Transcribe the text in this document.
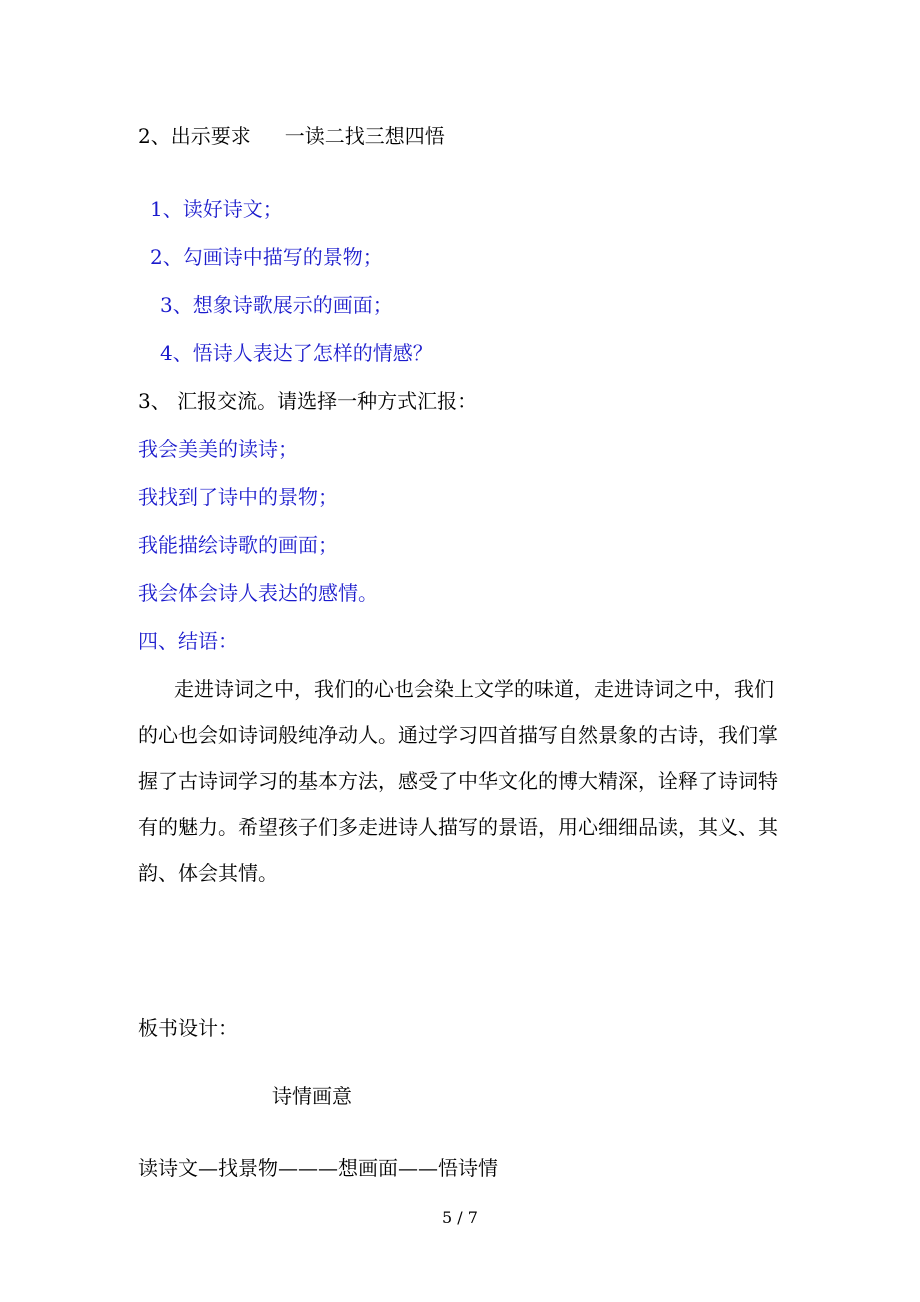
2、出示要求 一读二找三想四悟
1、读好诗文；
2、勾画诗中描写的景物；
3、想象诗歌展示的画面；
4、悟诗人表达了怎样的情感？
3、 汇报交流。请选择一种方式汇报：
我会美美的读诗；
我找到了诗中的景物；
我能描绘诗歌的画面；
我会体会诗人表达的感情。
四、结语：
走进诗词之中，我们的心也会染上文学的味道，走进诗词之中，我们的心也会如诗词般纯净动人。通过学习四首描写自然景象的古诗，我们掌握了古诗词学习的基本方法，感受了中华文化的博大精深，诠释了诗词特有的魅力。希望孩子们多走进诗人描写的景语，用心细细品读，其义、其韵、体会其情。
板书设计：
诗情画意
读诗文—找景物———想画面——悟诗情
5 / 7
